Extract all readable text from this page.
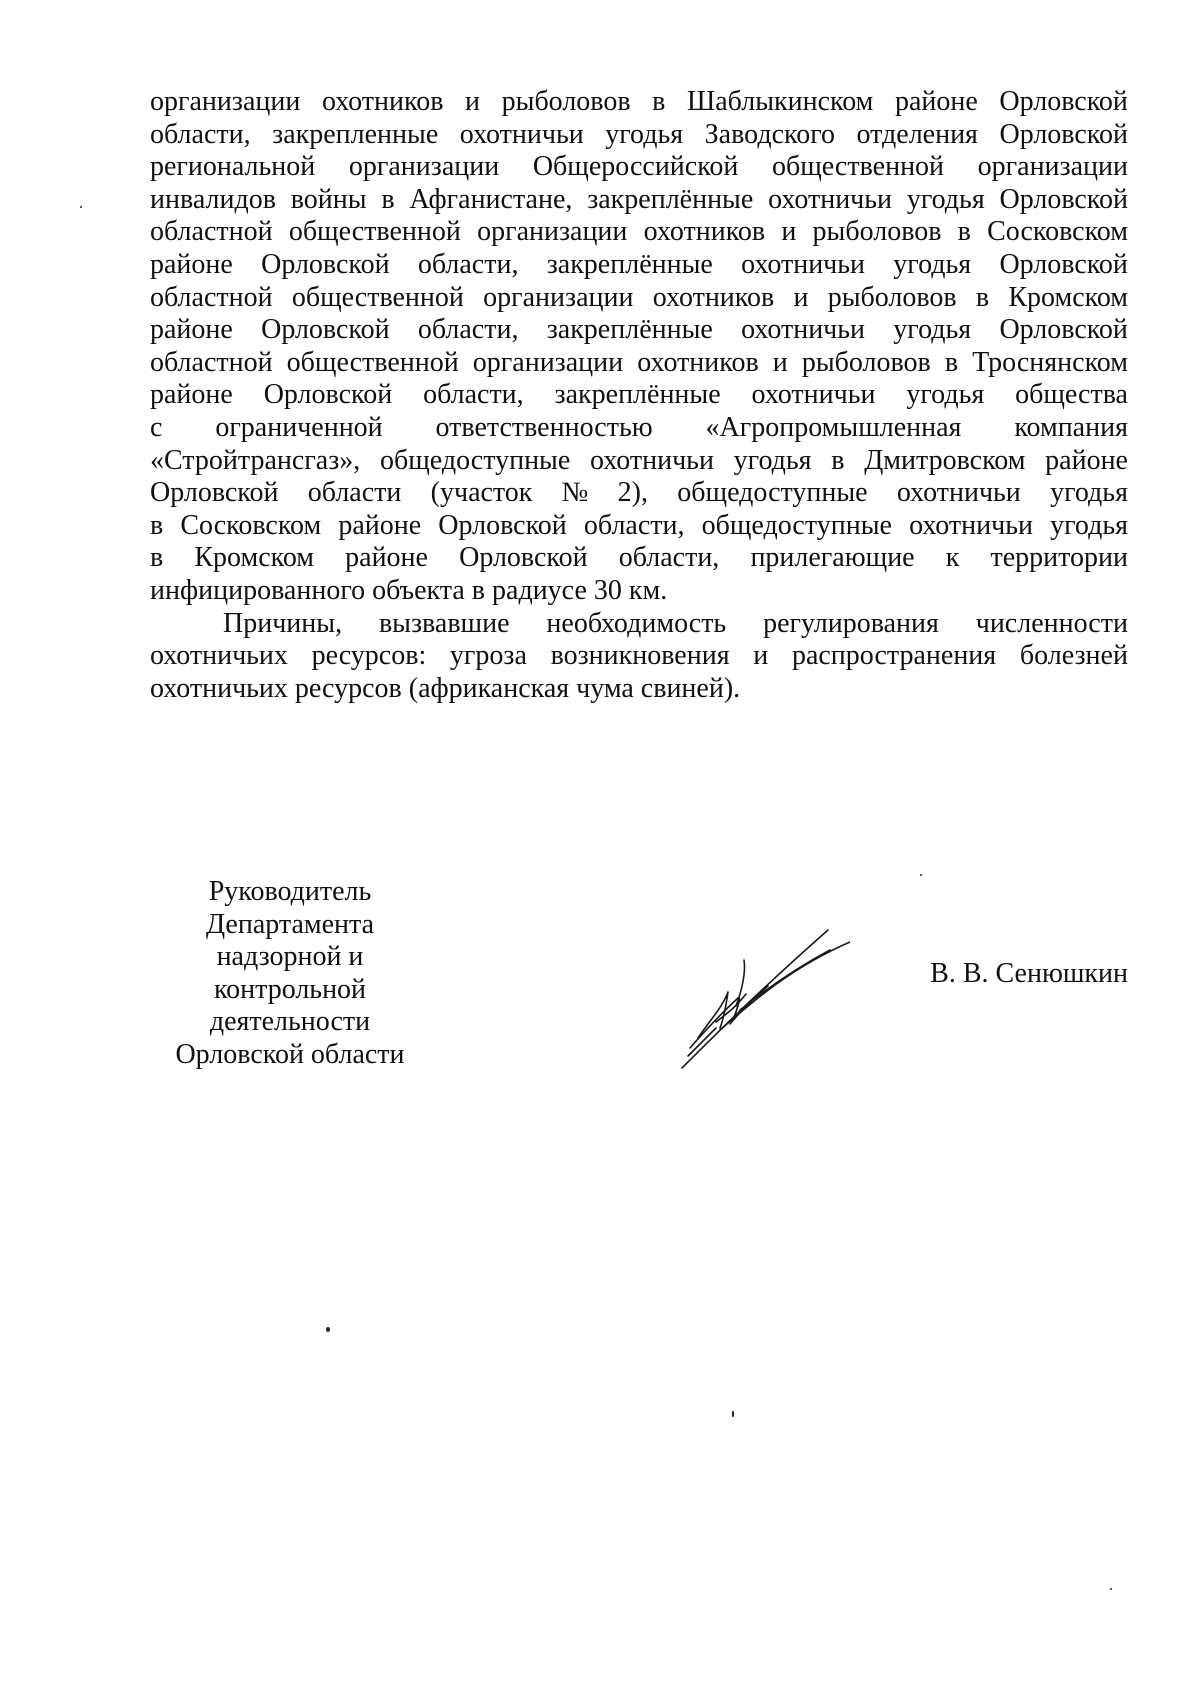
организации охотников и рыболовов в Шаблыкинском районе Орловской
области, закрепленные охотничьи угодья Заводского отделения Орловской
региональной организации Общероссийской общественной организации
инвалидов войны в Афганистане, закреплённые охотничьи угодья Орловской
областной общественной организации охотников и рыболовов в Сосковском
районе Орловской области, закреплённые охотничьи угодья Орловской
областной общественной организации охотников и рыболовов в Кромском
районе Орловской области, закреплённые охотничьи угодья Орловской
областной общественной организации охотников и рыболовов в Троснянском
районе Орловской области, закреплённые охотничьи угодья общества
с ограниченной ответственностью «Агропромышленная компания
«Стройтрансгаз», общедоступные охотничьи угодья в Дмитровском районе
Орловской области (участок № 2), общедоступные охотничьи угодья
в Сосковском районе Орловской области, общедоступные охотничьи угодья
в Кромском районе Орловской области, прилегающие к территории
инфицированного объекта в радиусе 30 км.
Причины, вызвавшие необходимость регулирования численности
охотничьих ресурсов: угроза возникновения и распространения болезней
охотничьих ресурсов (африканская чума свиней).
Руководитель
Департамента
надзорной и
контрольной
деятельности
Орловской области
В. В. Сенюшкин
